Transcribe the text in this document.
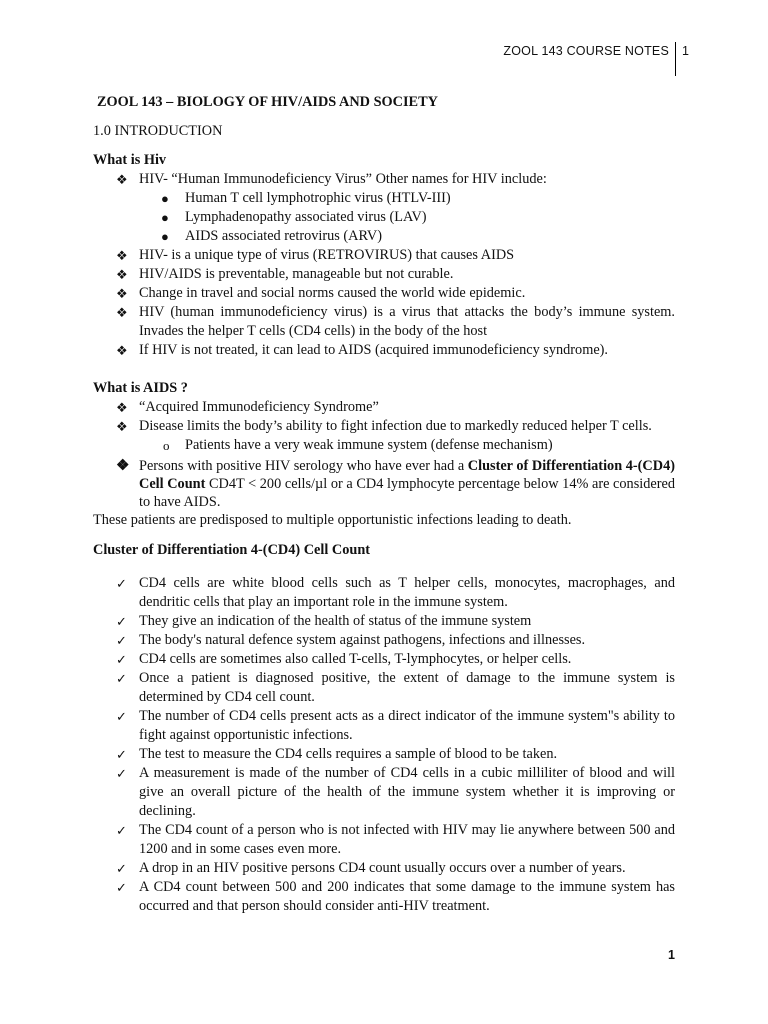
ZOOL 143 COURSE NOTES 1

ZOOL 143 – BIOLOGY OF HIV/AIDS AND SOCIETY

1.0 INTRODUCTION

What is Hiv

❖ HIV- “Human Immunodeficiency Virus” Other names for HIV include:
● Human T cell lymphotrophic virus (HTLV-III)
● Lymphadenopathy associated virus (LAV)
● AIDS associated retrovirus (ARV)
❖ HIV- is a unique type of virus (RETROVIRUS) that causes AIDS
❖ HIV/AIDS is preventable, manageable but not curable.
❖ Change in travel and social norms caused the world wide epidemic.
❖ HIV (human immunodeficiency virus) is a virus that attacks the body’s immune system. Invades the helper T cells (CD4 cells) in the body of the host
❖ If HIV is not treated, it can lead to AIDS (acquired immunodeficiency syndrome).

What is AIDS ?

❖ “Acquired Immunodeficiency Syndrome”
❖ Disease limits the body’s ability to fight infection due to markedly reduced helper T cells.
o Patients have a very weak immune system (defense mechanism)
❖ Persons with positive HIV serology who have ever had a Cluster of Differentiation 4-(CD4) Cell Count CD4T < 200 cells/µl or a CD4 lymphocyte percentage below 14% are considered to have AIDS.

These patients are predisposed to multiple opportunistic infections leading to death.

Cluster of Differentiation 4-(CD4) Cell Count

✓ CD4 cells are white blood cells such as T helper cells, monocytes, macrophages, and dendritic cells that play an important role in the immune system.
✓ They give an indication of the health of status of the immune system
✓ The body's natural defence system against pathogens, infections and illnesses.
✓ CD4 cells are sometimes also called T-cells, T-lymphocytes, or helper cells.
✓ Once a patient is diagnosed positive, the extent of damage to the immune system is determined by CD4 cell count.
✓ The number of CD4 cells present acts as a direct indicator of the immune system"s ability to fight against opportunistic infections.
✓ The test to measure the CD4 cells requires a sample of blood to be taken.
✓ A measurement is made of the number of CD4 cells in a cubic milliliter of blood and will give an overall picture of the health of the immune system whether it is improving or declining.
✓ The CD4 count of a person who is not infected with HIV may lie anywhere between 500 and 1200 and in some cases even more.
✓ A drop in an HIV positive persons CD4 count usually occurs over a number of years.
✓ A CD4 count between 500 and 200 indicates that some damage to the immune system has occurred and that person should consider anti-HIV treatment.
1
